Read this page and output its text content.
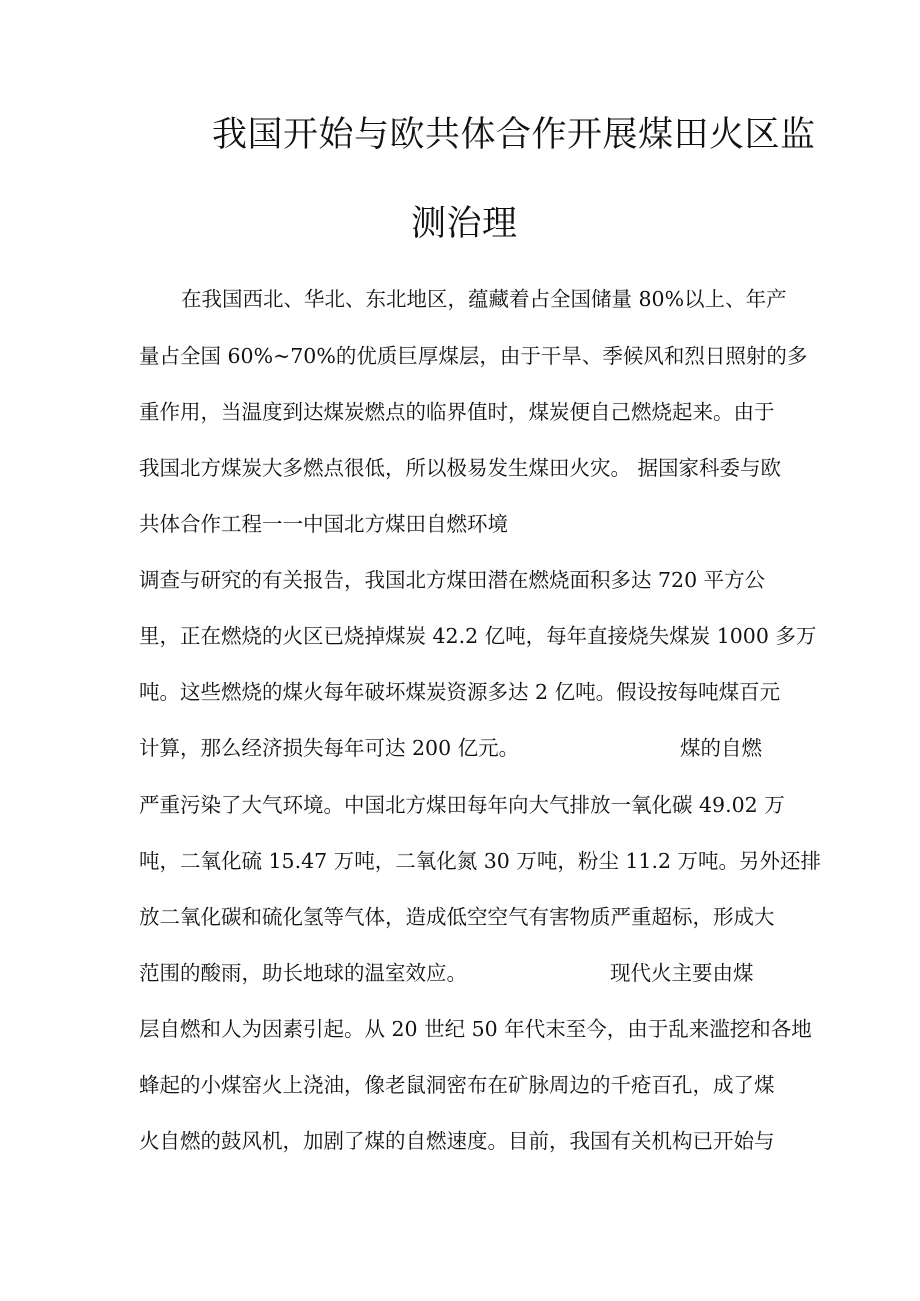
我国开始与欧共体合作开展煤田火区监
测治理
在我国西北、华北、东北地区，蕴藏着占全国储量 80%以上、年产
量占全国 60%~70%的优质巨厚煤层，由于干旱、季候风和烈日照射的多
重作用，当温度到达煤炭燃点的临界值时，煤炭便自己燃烧起来。由于
我国北方煤炭大多燃点很低，所以极易发生煤田火灾。 据国家科委与欧
共体合作工程一一中国北方煤田自燃环境
调查与研究的有关报告，我国北方煤田潜在燃烧面积多达 720 平方公
里，正在燃烧的火区已烧掉煤炭 42.2 亿吨，每年直接烧失煤炭 1000 多万
吨。这些燃烧的煤火每年破坏煤炭资源多达 2 亿吨。假设按每吨煤百元
计算，那么经济损失每年可达 200 亿元。	煤的自燃
严重污染了大气环境。中国北方煤田每年向大气排放一氧化碳 49.02 万
吨，二氧化硫 15.47 万吨，二氧化氮 30 万吨，粉尘 11.2 万吨。另外还排
放二氧化碳和硫化氢等气体，造成低空空气有害物质严重超标，形成大
范围的酸雨，助长地球的温室效应。	现代火主要由煤
层自燃和人为因素引起。从 20 世纪 50 年代末至今，由于乱来滥挖和各地
蜂起的小煤窑火上浇油，像老鼠洞密布在矿脉周边的千疮百孔，成了煤
火自燃的鼓风机，加剧了煤的自燃速度。目前，我国有关机构已开始与
